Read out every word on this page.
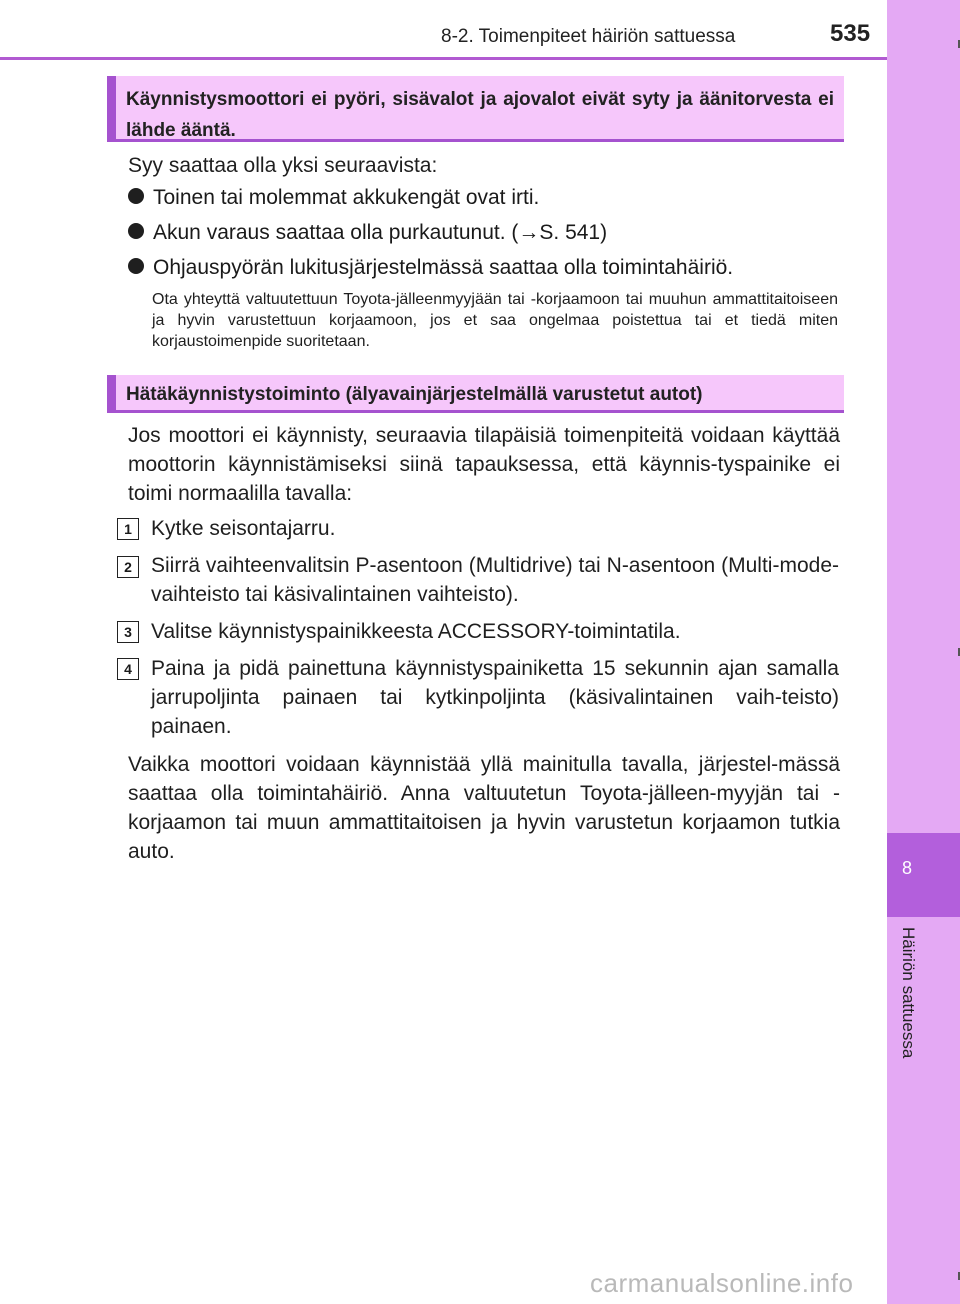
8-2. Toimenpiteet häiriön sattuessa	535
8
Häiriön sattuessa
Käynnistysmoottori ei pyöri, sisävalot ja ajovalot eivät syty ja äänitorvesta ei lähde ääntä.
Syy saattaa olla yksi seuraavista:
Toinen tai molemmat akkukengät ovat irti.
Akun varaus saattaa olla purkautunut. (→S. 541)
Ohjauspyörän lukitusjärjestelmässä saattaa olla toimintahäiriö.
Ota yhteyttä valtuutettuun Toyota-jälleenmyyjään tai -korjaamoon tai muuhun ammattitaitoiseen ja hyvin varustettuun korjaamoon, jos et saa ongelmaa poistettua tai et tiedä miten korjaustoimenpide suoritetaan.
Hätäkäynnistystoiminto (älyavainjärjestelmällä varustetut autot)
Jos moottori ei käynnisty, seuraavia tilapäisiä toimenpiteitä voidaan käyttää moottorin käynnistämiseksi siinä tapauksessa, että käynnis-tyspainike ei toimi normaalilla tavalla:
1 Kytke seisontajarru.
2 Siirrä vaihteenvalitsin P-asentoon (Multidrive) tai N-asentoon (Multi-mode-vaihteisto tai käsivalintainen vaihteisto).
3 Valitse käynnistyspainikkeesta ACCESSORY-toimintatila.
4 Paina ja pidä painettuna käynnistyspainiketta 15 sekunnin ajan samalla jarrupoljinta painaen tai kytkinpoljinta (käsivalintainen vaih-teisto) painaen.
Vaikka moottori voidaan käynnistää yllä mainitulla tavalla, järjestel-mässä saattaa olla toimintahäiriö. Anna valtuutetun Toyota-jälleen-myyjän tai -korjaamon tai muun ammattitaitoisen ja hyvin varustetun korjaamon tutkia auto.
carmanualsonline.info
